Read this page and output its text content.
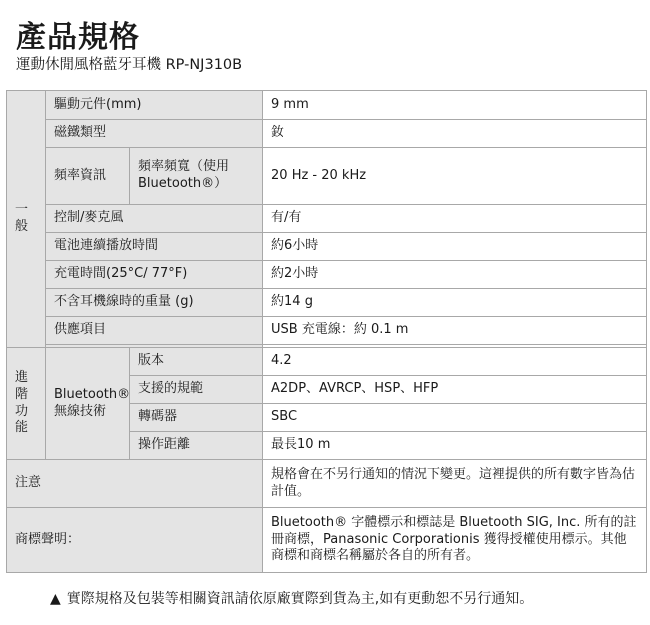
產品規格
運動休閒風格藍牙耳機 RP-NJ310B
一般	驅動元件(mm)		9 mm
	磁鐵類型		釹
	頻率資訊	頻率頻寬（使用 Bluetooth®）	20 Hz - 20 kHz
	控制/麥克風		有/有
	電池連續播放時間		約6小時
	充電時間(25°C/ 77°F)		約2小時
	不含耳機線時的重量 (g)		約14 g
	供應項目		USB 充電線：約 0.1 m

進階功能	Bluetooth® 無線技術	版本	4.2
		支援的規範	A2DP、AVRCP、HSP、HFP
		轉碼器	SBC
		操作距離	最長10 m
注意			規格會在不另行通知的情況下變更。這裡提供的所有數字皆為估計值。
商標聲明：			Bluetooth® 字體標示和標誌是 Bluetooth SIG, Inc. 所有的註冊商標，Panasonic Corporationis 獲得授權使用標示。其他商標和商標名稱屬於各自的所有者。
▲ 實際規格及包裝等相關資訊請依原廠實際到貨為主,如有更動恕不另行通知。
